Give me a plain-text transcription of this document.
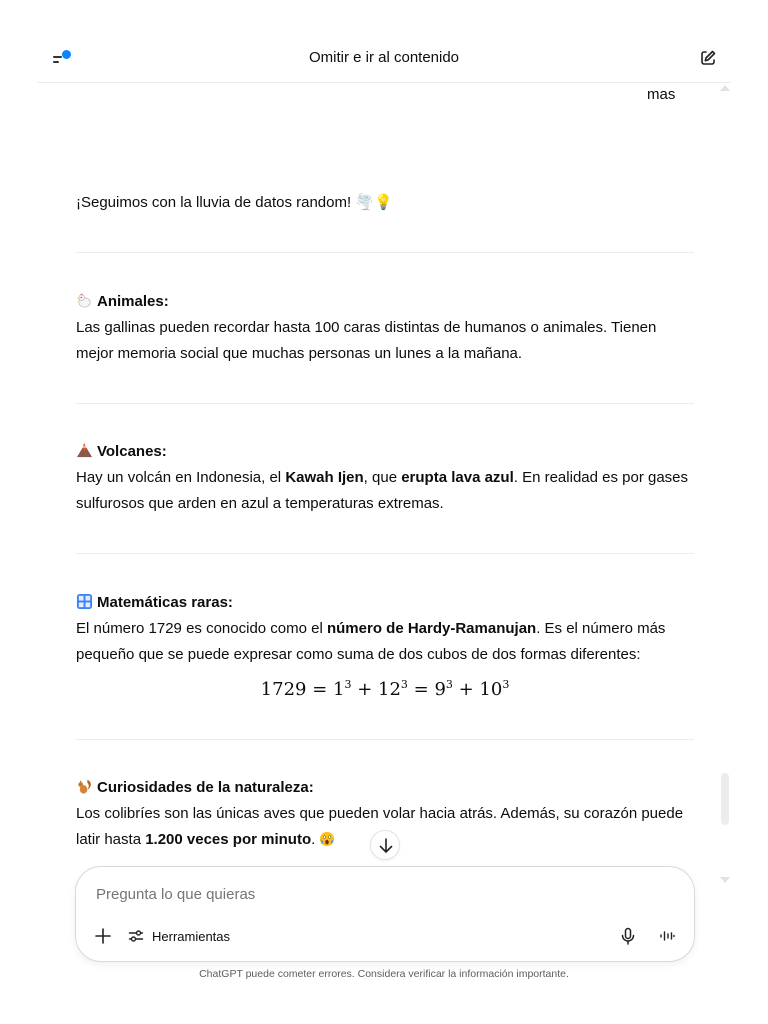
Omitir e ir al contenido
mas
¡Seguimos con la lluvia de datos random! 🌪️💡
Animales:
Las gallinas pueden recordar hasta 100 caras distintas de humanos o animales. Tienen mejor memoria social que muchas personas un lunes a la mañana.
Volcanes:
Hay un volcán en Indonesia, el Kawah Ijen, que erupta lava azul. En realidad es por gases sulfurosos que arden en azul a temperaturas extremas.
Matemáticas raras:
El número 1729 es conocido como el número de Hardy-Ramanujan. Es el número más pequeño que se puede expresar como suma de dos cubos de dos formas diferentes:
$1729 = 1^3 + 12^3 = 9^3 + 10^3$
Curiosidades de la naturaleza:
Los colibríes son las únicas aves que pueden volar hacia atrás. Además, su corazón puede latir hasta 1.200 veces por minuto.
Pregunta lo que quieras
Herramientas
ChatGPT puede cometer errores. Considera verificar la información importante.
